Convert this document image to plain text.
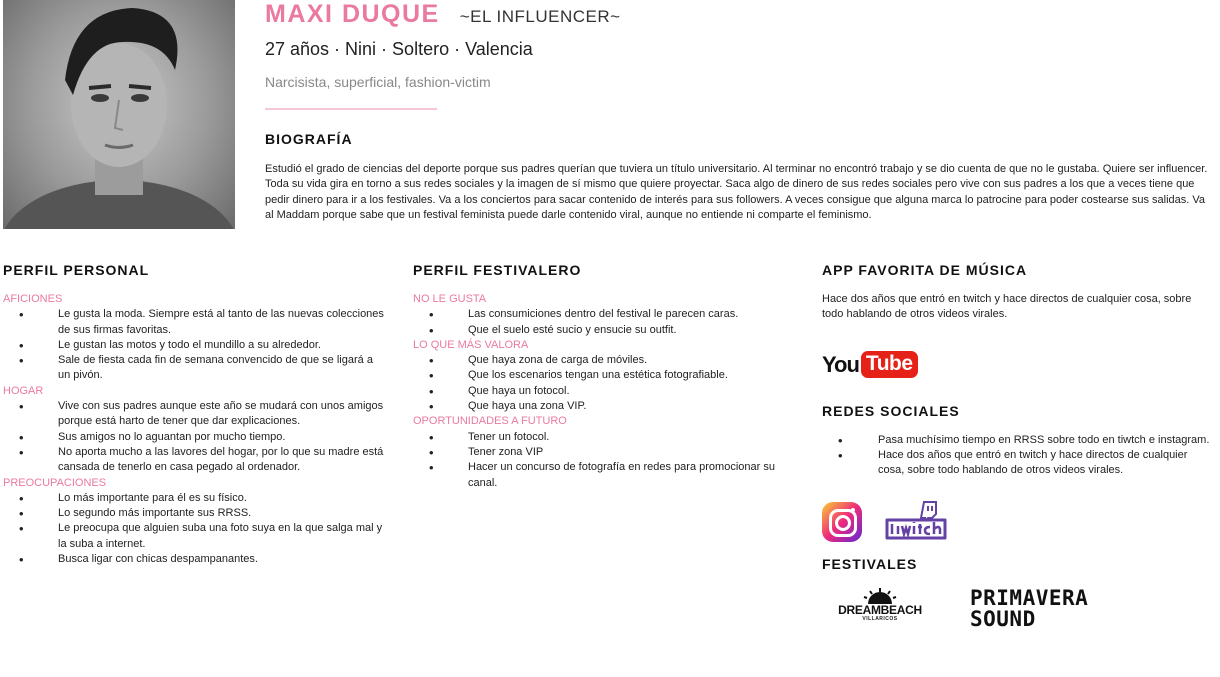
MAXI DUQUE ~EL INFLUENCER~
27 años · Nini · Soltero · Valencia
Narcisista, superficial, fashion-victim
BIOGRAFÍA

Estudió el grado de ciencias del deporte porque sus padres querían que tuviera un título universitario. Al terminar no encontró trabajo y se dio cuenta de que no le gustaba. Quiere ser influencer. Toda su vida gira en torno a sus redes sociales y la imagen de sí mismo que quiere proyectar. Saca algo de dinero de sus redes sociales pero vive con sus padres a los que a veces tiene que pedir dinero para ir a los festivales. Va a los conciertos para sacar contenido de interés para sus followers. A veces consigue que alguna marca lo patrocine para poder costearse sus salidas. Va al Maddam porque sabe que un festival feminista puede darle contenido viral, aunque no entiende ni comparte el feminismo.

PERFIL PERSONAL
AFICIONES
• Le gusta la moda. Siempre está al tanto de las nuevas colecciones de sus firmas favoritas.
• Le gustan las motos y todo el mundillo a su alrededor.
• Sale de fiesta cada fin de semana convencido de que se ligará a un pivón.
HOGAR
• Vive con sus padres aunque este año se mudará con unos amigos porque está harto de tener que dar explicaciones.
• Sus amigos no lo aguantan por mucho tiempo.
• No aporta mucho a las lavores del hogar, por lo que su madre está cansada de tenerlo en casa pegado al ordenador.
PREOCUPACIONES
• Lo más importante para él es su físico.
• Lo segundo más importante sus RRSS.
• Le preocupa que alguien suba una foto suya en la que salga mal y la suba a internet.
• Busca ligar con chicas despampanantes.
PERFIL FESTIVALERO
NO LE GUSTA
• Las consumiciones dentro del festival le parecen caras.
• Que el suelo esté sucio y ensucie su outfit.
LO QUE MÁS VALORA
• Que haya zona de carga de móviles.
• Que los escenarios tengan una estética fotografiable.
• Que haya un fotocol.
• Que haya una zona VIP.
OPORTUNIDADES A FUTURO
• Tener un fotocol.
• Tener zona VIP
• Hacer un concurso de fotografía en redes para promocionar su canal.
APP FAVORITA DE MÚSICA
Hace dos años que entró en twitch y hace directos de cualquier cosa, sobre todo hablando de otros videos virales.
You Tube
REDES SOCIALES
• Pasa muchísimo tiempo en RRSS sobre todo en tiwtch e instagram.
• Hace dos años que entró en twitch y hace directos de cualquier cosa, sobre todo hablando de otros videos virales.
FESTIVALES
DREAMBEACH
VILLARICOS
PRIMAVERA
SOUND
